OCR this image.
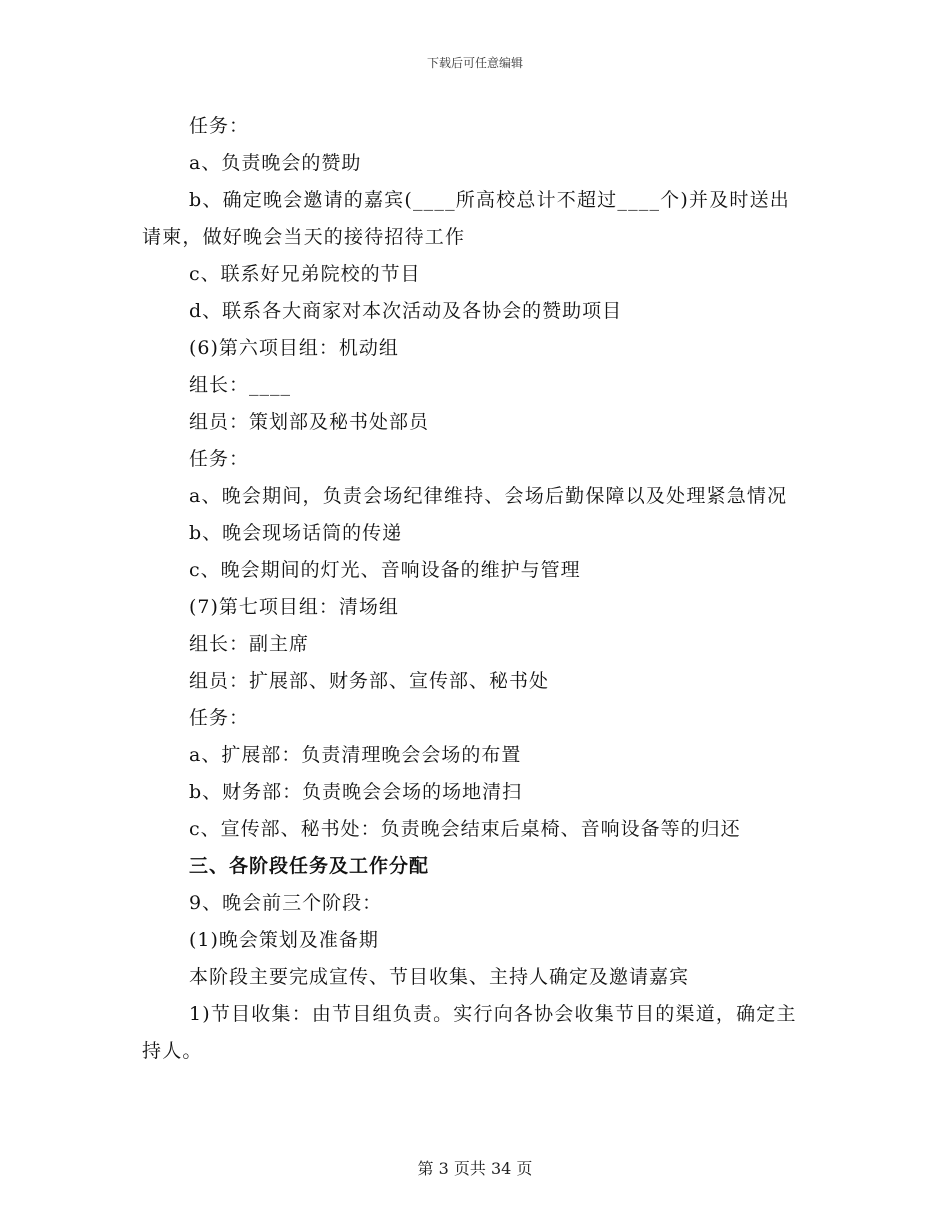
下载后可任意编辑
任务：
a、负责晚会的赞助
b、确定晚会邀请的嘉宾(____所高校总计不超过____个)并及时送出请柬，做好晚会当天的接待招待工作
c、联系好兄弟院校的节目
d、联系各大商家对本次活动及各协会的赞助项目
(6)第六项目组：机动组
组长：____
组员：策划部及秘书处部员
任务：
a、晚会期间，负责会场纪律维持、会场后勤保障以及处理紧急情况
b、晚会现场话筒的传递
c、晚会期间的灯光、音响设备的维护与管理
(7)第七项目组：清场组
组长：副主席
组员：扩展部、财务部、宣传部、秘书处
任务：
a、扩展部：负责清理晚会会场的布置
b、财务部：负责晚会会场的场地清扫
c、宣传部、秘书处：负责晚会结束后桌椅、音响设备等的归还
三、各阶段任务及工作分配
9、晚会前三个阶段：
(1)晚会策划及准备期
本阶段主要完成宣传、节目收集、主持人确定及邀请嘉宾
1)节目收集：由节目组负责。实行向各协会收集节目的渠道，确定主持人。
第 3 页共 34 页
